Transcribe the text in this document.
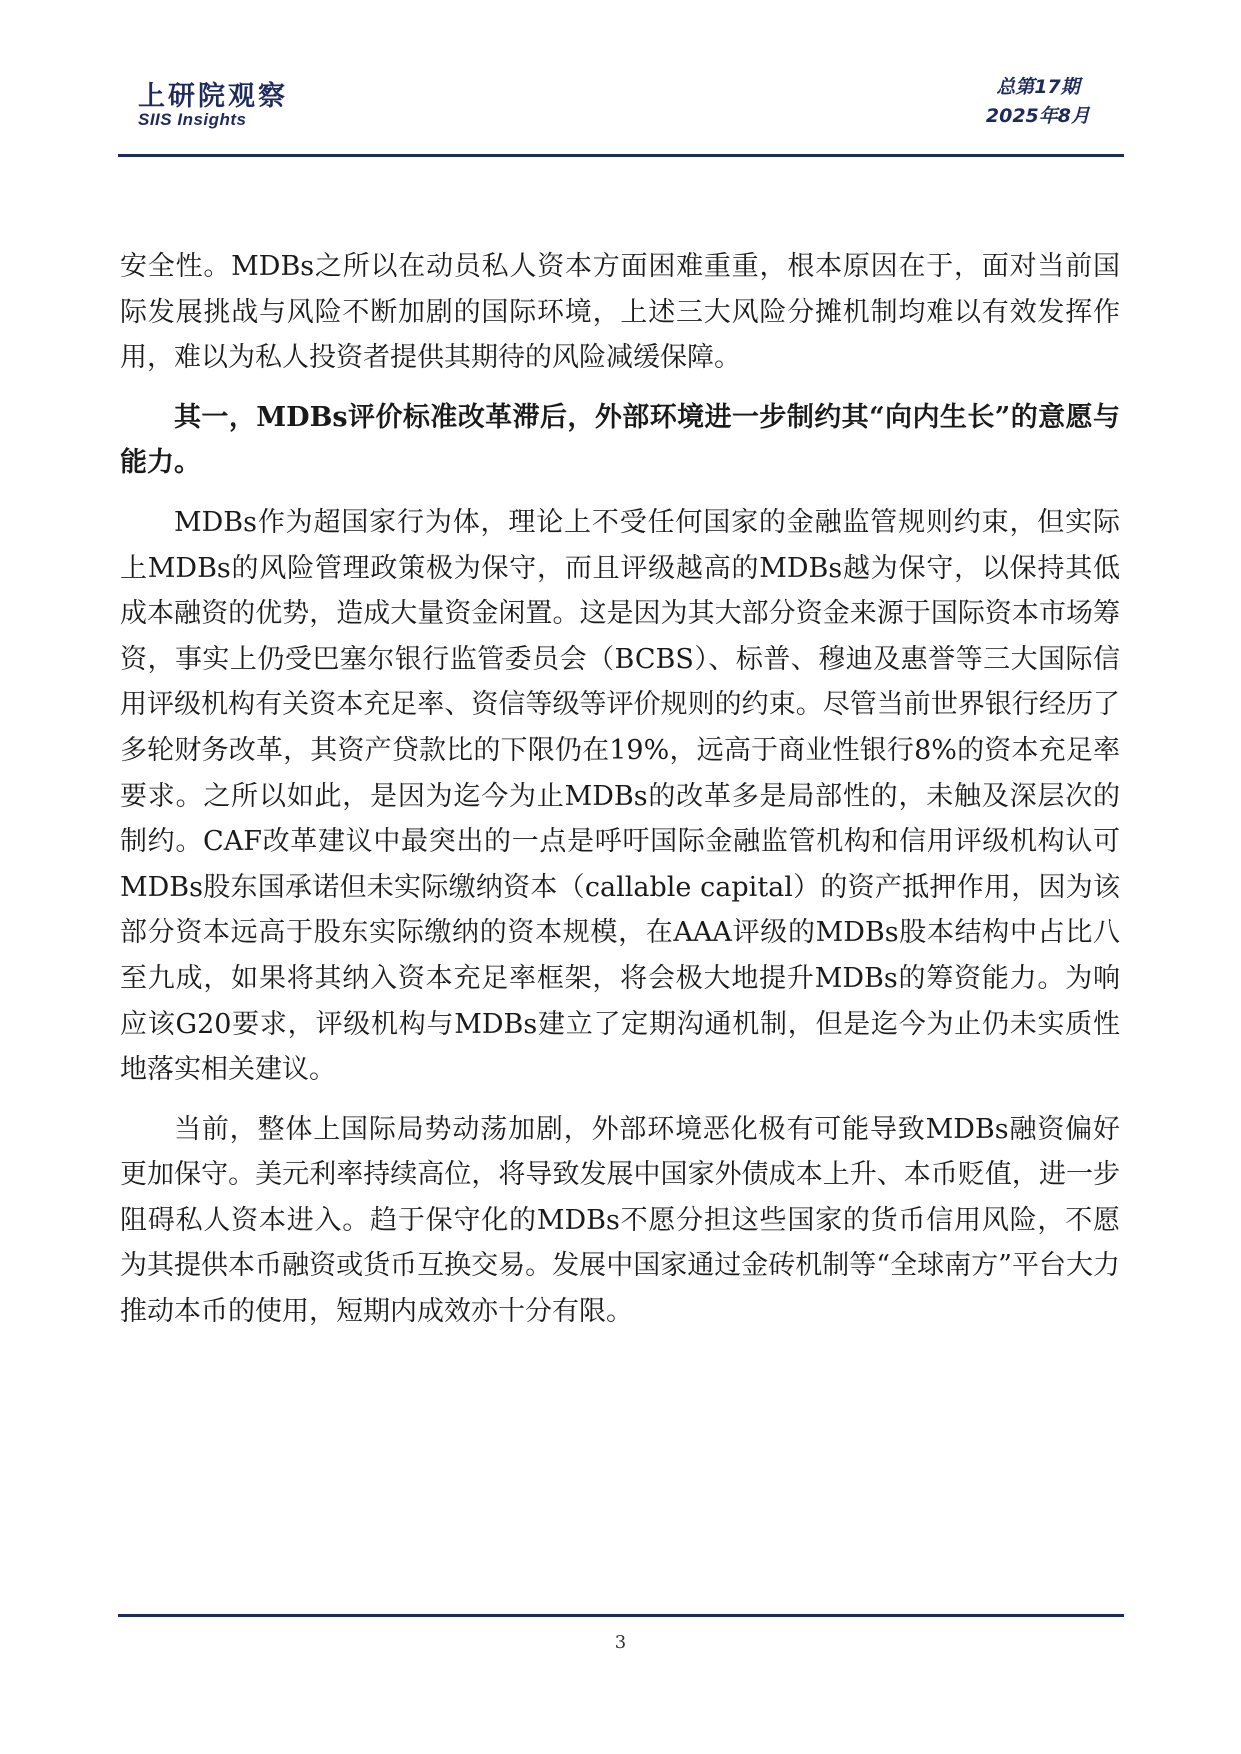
上研院观察
SIIS Insights
总第17期
2025年8月

安全性。MDBs之所以在动员私人资本方面困难重重，根本原因在于，面对当前国际发展挑战与风险不断加剧的国际环境，上述三大风险分摊机制均难以有效发挥作用，难以为私人投资者提供其期待的风险减缓保障。

其一，MDBs评价标准改革滞后，外部环境进一步制约其“向内生长”的意愿与能力。

MDBs作为超国家行为体，理论上不受任何国家的金融监管规则约束，但实际上MDBs的风险管理政策极为保守，而且评级越高的MDBs越为保守，以保持其低成本融资的优势，造成大量资金闲置。这是因为其大部分资金来源于国际资本市场筹资，事实上仍受巴塞尔银行监管委员会（BCBS）、标普、穆迪及惠誉等三大国际信用评级机构有关资本充足率、资信等级等评价规则的约束。尽管当前世界银行经历了多轮财务改革，其资产贷款比的下限仍在19%，远高于商业性银行8%的资本充足率要求。之所以如此，是因为迄今为止MDBs的改革多是局部性的，未触及深层次的制约。CAF改革建议中最突出的一点是呼吁国际金融监管机构和信用评级机构认可MDBs股东国承诺但未实际缴纳资本（callable capital）的资产抵押作用，因为该部分资本远高于股东实际缴纳的资本规模，在AAA评级的MDBs股本结构中占比八至九成，如果将其纳入资本充足率框架，将会极大地提升MDBs的筹资能力。为响应该G20要求，评级机构与MDBs建立了定期沟通机制，但是迄今为止仍未实质性地落实相关建议。

当前，整体上国际局势动荡加剧，外部环境恶化极有可能导致MDBs融资偏好更加保守。美元利率持续高位，将导致发展中国家外债成本上升、本币贬值，进一步阻碍私人资本进入。趋于保守化的MDBs不愿分担这些国家的货币信用风险，不愿为其提供本币融资或货币互换交易。发展中国家通过金砖机制等“全球南方”平台大力推动本币的使用，短期内成效亦十分有限。

3
